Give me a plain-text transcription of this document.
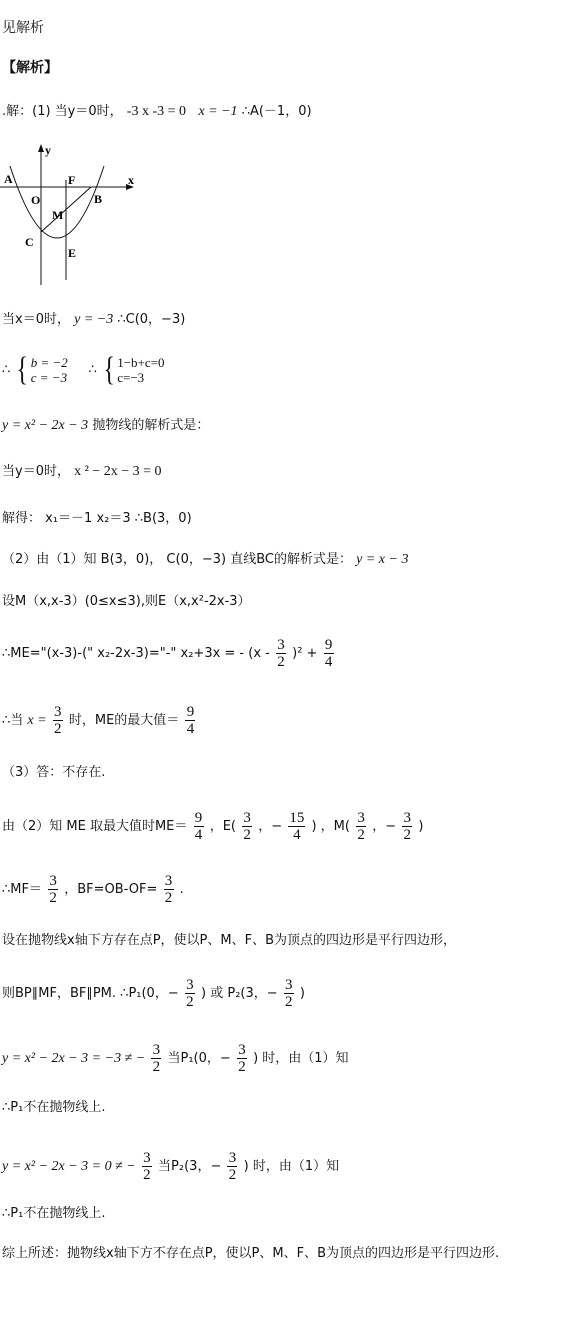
见解析
【解析】
.解：(1) 当y＝0时， -3 x -3 = 0 x = −1 ∴A(－1，0)
y
x
A
O
F
B
M
C
E
当x＝0时， y = −3 ∴C(0，−3)
∴ { b = −2
c = −3 ∴ { 1−b+c=0
c=−3
y = x² − 2x − 3 抛物线的解析式是：
当y＝0时， x ² − 2x − 3 = 0
解得： x₁＝－1 x₂＝3 ∴B(3，0)
（2）由（1）知 B(3，0)， C(0，−3) 直线BC的解析式是： y = x − 3
设M（x,x-3）(0≤x≤3),则E（x,x²-2x-3）
∴ME="(x-3)-(" x₂-2x-3)="-" x₂+3x = - $(x - \frac{3}{2} )^2 + \frac{9}{4}$
∴当 $x = \frac{3}{2}$ 时，ME的最大值＝ $\frac{9}{4}$
（3）答：不存在.
由（2）知 ME 取最大值时$ME= \frac{9}{4}$ ，$E( \frac{3}{2}$ ，− $\frac{15}{4}$ ) ，$M( \frac{3}{2}$ ，− $\frac{3}{2}$ )
∴MF＝ $\frac{3}{2}$ ，$BF=OB-OF= \frac{3}{2}$ .
设在抛物线x轴下方存在点P，使以P、M、F、B为顶点的四边形是平行四边形，
则BP∥MF，BF∥PM. ∴P₁(0，− $\frac{3}{2}$ ) 或 P₂(3，− $\frac{3}{2}$ )
y = x² − 2x − 3 = −3 ≠ − $\frac{3}{2}$ 当P₁(0，− $\frac{3}{2}$ ) 时，由（1）知
∴P₁不在抛物线上.
y = x² − 2x − 3 = 0 ≠ − $\frac{3}{2}$ 当P₂(3，− $\frac{3}{2}$ ) 时，由（1）知
∴P₁不在抛物线上.
综上所述：抛物线x轴下方不存在点P，使以P、M、F、B为顶点的四边形是平行四边形.
